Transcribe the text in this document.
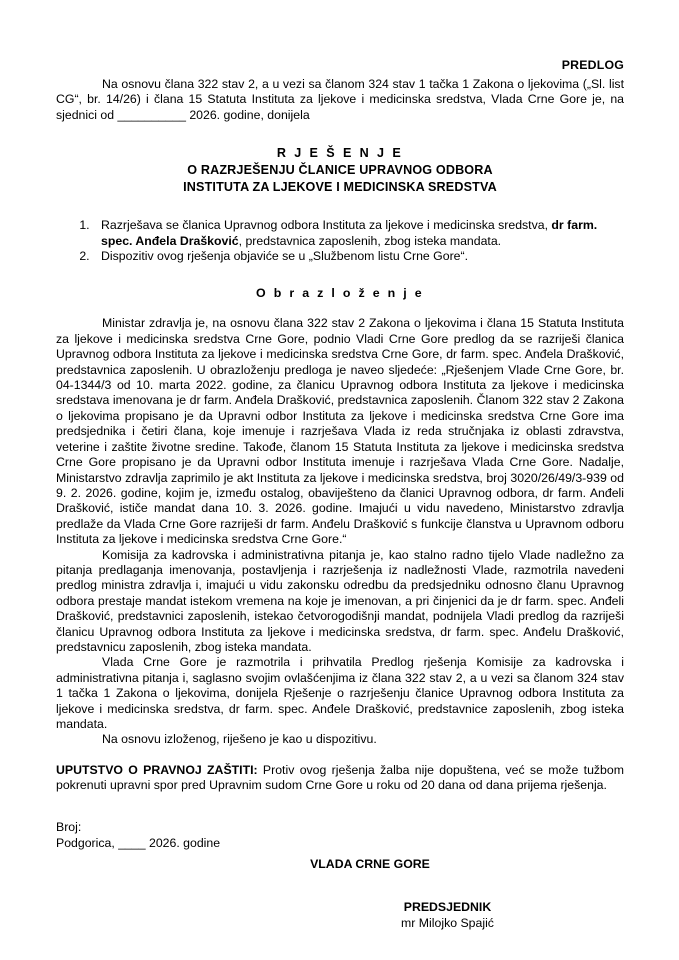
PREDLOG

Na osnovu člana 322 stav 2, a u vezi sa članom 324 stav 1 tačka 1 Zakona o ljekovima („Sl. list CG“, br. 14/26) i člana 15 Statuta Instituta za ljekove i medicinska sredstva, Vlada Crne Gore je, na sjednici od __________ 2026. godine, donijela

R J E Š E N J E
O RAZRJEŠENJU ČLANICE UPRAVNOG ODBORA
INSTITUTA ZA LJEKOVE I MEDICINSKA SREDSTVA
1. Razrješava se članica Upravnog odbora Instituta za ljekove i medicinska sredstva, dr farm. spec. Anđela Drašković, predstavnica zaposlenih, zbog isteka mandata.
2. Dispozitiv ovog rješenja objaviće se u „Službenom listu Crne Gore“.
O b r a z l o ž e n j e

Ministar zdravlja je, na osnovu člana 322 stav 2 Zakona o ljekovima i člana 15 Statuta Instituta za ljekove i medicinska sredstva Crne Gore, podnio Vladi Crne Gore predlog da se razriješi članica Upravnog odbora Instituta za ljekove i medicinska sredstva Crne Gore, dr farm. spec. Anđela Drašković, predstavnica zaposlenih. U obrazloženju predloga je naveo sljedeće: „Rješenjem Vlade Crne Gore, br. 04-1344/3 od 10. marta 2022. godine, za članicu Upravnog odbora Instituta za ljekove i medicinska sredstava imenovana je dr farm. Anđela Drašković, predstavnica zaposlenih. Članom 322 stav 2 Zakona o ljekovima propisano je da Upravni odbor Instituta za ljekove i medicinska sredstva Crne Gore ima predsjednika i četiri člana, koje imenuje i razrješava Vlada iz reda stručnjaka iz oblasti zdravstva, veterine i zaštite životne sredine. Takođe, članom 15 Statuta Instituta za ljekove i medicinska sredstva Crne Gore propisano je da Upravni odbor Instituta imenuje i razrješava Vlada Crne Gore. Nadalje, Ministarstvo zdravlja zaprimilo je akt Instituta za ljekove i medicinska sredstva, broj 3020/26/49/3-939 od 9. 2. 2026. godine, kojim je, između ostalog, obaviješteno da članici Upravnog odbora, dr farm. Anđeli Drašković, ističe mandat dana 10. 3. 2026. godine. Imajući u vidu navedeno, Ministarstvo zdravlja predlaže da Vlada Crne Gore razriješi dr farm. Anđelu Drašković s funkcije članstva u Upravnom odboru Instituta za ljekove i medicinska sredstva Crne Gore.“

Komisija za kadrovska i administrativna pitanja je, kao stalno radno tijelo Vlade nadležno za pitanja predlaganja imenovanja, postavljenja i razrješenja iz nadležnosti Vlade, razmotrila navedeni predlog ministra zdravlja i, imajući u vidu zakonsku odredbu da predsjedniku odnosno članu Upravnog odbora prestaje mandat istekom vremena na koje je imenovan, a pri činjenici da je dr farm. spec. Anđeli Drašković, predstavnici zaposlenih, istekao četvorogodišnji mandat, podnijela Vladi predlog da razriješi članicu Upravnog odbora Instituta za ljekove i medicinska sredstva, dr farm. spec. Anđelu Drašković, predstavnicu zaposlenih, zbog isteka mandata.

Vlada Crne Gore je razmotrila i prihvatila Predlog rješenja Komisije za kadrovska i administrativna pitanja i, saglasno svojim ovlašćenjima iz člana 322 stav 2, a u vezi sa članom 324 stav 1 tačka 1 Zakona o ljekovima, donijela Rješenje o razrješenju članice Upravnog odbora Instituta za ljekove i medicinska sredstva, dr farm. spec. Anđele Drašković, predstavnice zaposlenih, zbog isteka mandata.

Na osnovu izloženog, riješeno je kao u dispozitivu.

UPUTSTVO O PRAVNOJ ZAŠTITI: Protiv ovog rješenja žalba nije dopuštena, već se može tužbom pokrenuti upravni spor pred Upravnim sudom Crne Gore u roku od 20 dana od dana prijema rješenja.

Broj:
Podgorica, ____ 2026. godine
VLADA CRNE GORE
PREDSJEDNIK
mr Milojko Spajić
